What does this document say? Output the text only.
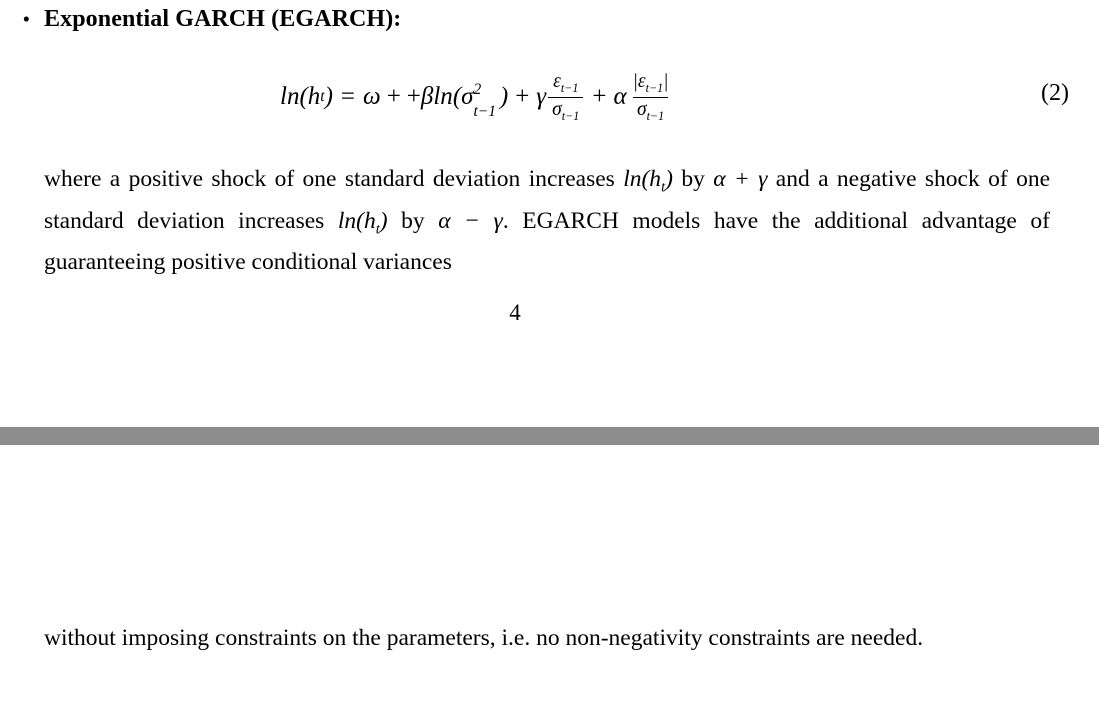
• Exponential GARCH (EGARCH):
ln (h t ) = ω + + β ln (σ 2
t−1
) + γ $\frac{\varepsilon_{t-1}}{\sigma_{t-1}} + \alpha \frac{|\varepsilon_{t-1}|}{\sigma_{t-1}}$	(2)
where a positive shock of one standard deviation increases $\ln(h_t)$ by α + γ and a negative shock of one standard deviation increases $\ln(h_t)$ by α − γ. EGARCH models have the additional advantage of guaranteeing positive conditional variances
4
without imposing constraints on the parameters, i.e. no non-negativity constraints are needed.
